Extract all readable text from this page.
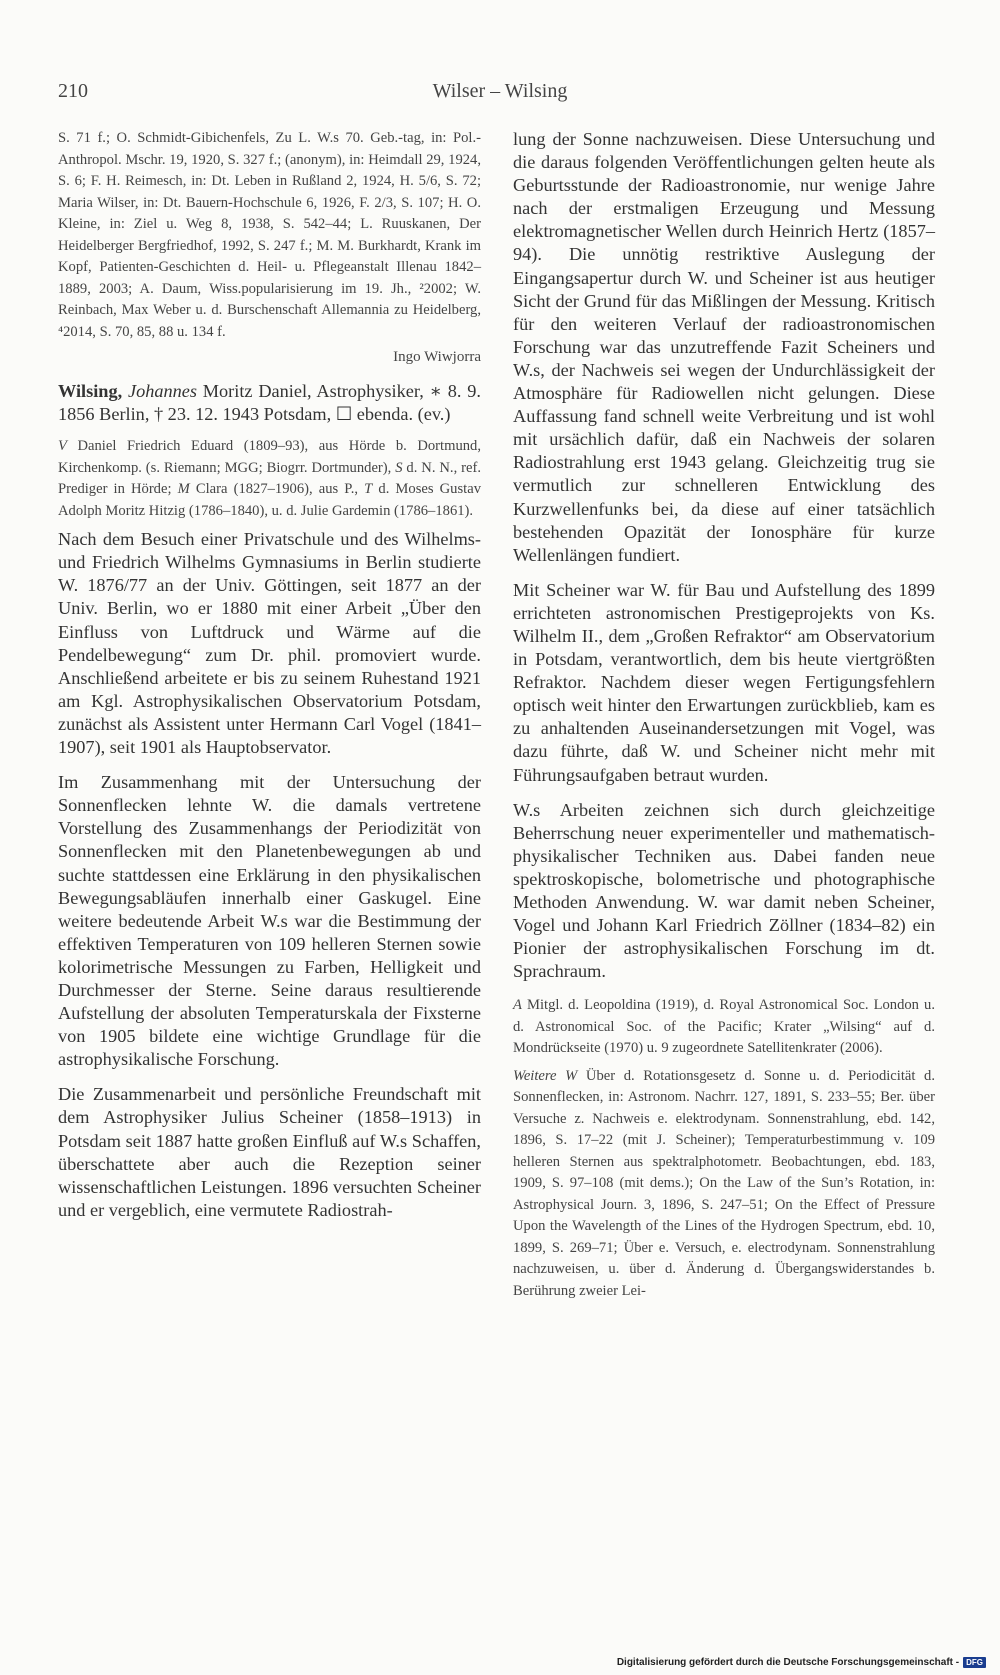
210	Wilser – Wilsing

S. 71 f.; O. Schmidt-Gibichenfels, Zu L. W.s 70. Geb.-tag, in: Pol.-Anthropol. Mschr. 19, 1920, S. 327 f.; (anonym), in: Heimdall 29, 1924, S. 6; F. H. Reimesch, in: Dt. Leben in Rußland 2, 1924, H. 5/6, S. 72; Maria Wilser, in: Dt. Bauern-Hochschule 6, 1926, F. 2/3, S. 107; H. O. Kleine, in: Ziel u. Weg 8, 1938, S. 542–44; L. Ruuskanen, Der Heidelberger Bergfriedhof, 1992, S. 247 f.; M. M. Burkhardt, Krank im Kopf, Patienten-Geschichten d. Heil- u. Pflegeanstalt Illenau 1842–1889, 2003; A. Daum, Wiss.popularisierung im 19. Jh., ²2002; W. Reinbach, Max Weber u. d. Burschenschaft Allemannia zu Heidelberg, ⁴2014, S. 70, 85, 88 u. 134 f.

Ingo Wiwjorra

Wilsing, Johannes Moritz Daniel, Astrophysiker, ∗ 8. 9. 1856 Berlin, † 23. 12. 1943 Potsdam, ☐ ebenda. (ev.)

V Daniel Friedrich Eduard (1809–93), aus Hörde b. Dortmund, Kirchenkomp. (s. Riemann; MGG; Biogrr. Dortmunder), S d. N. N., ref. Prediger in Hörde; M Clara (1827–1906), aus P., T d. Moses Gustav Adolph Moritz Hitzig (1786–1840), u. d. Julie Gardemin (1786–1861).

Nach dem Besuch einer Privatschule und des Wilhelms- und Friedrich Wilhelms Gymnasiums in Berlin studierte W. 1876/77 an der Univ. Göttingen, seit 1877 an der Univ. Berlin, wo er 1880 mit einer Arbeit „Über den Einfluss von Luftdruck und Wärme auf die Pendelbewegung“ zum Dr. phil. promoviert wurde. Anschließend arbeitete er bis zu seinem Ruhestand 1921 am Kgl. Astrophysikalischen Observatorium Potsdam, zunächst als Assistent unter Hermann Carl Vogel (1841–1907), seit 1901 als Hauptobservator.

Im Zusammenhang mit der Untersuchung der Sonnenflecken lehnte W. die damals vertretene Vorstellung des Zusammenhangs der Periodizität von Sonnenflecken mit den Planetenbewegungen ab und suchte stattdessen eine Erklärung in den physikalischen Bewegungsabläufen innerhalb einer Gaskugel. Eine weitere bedeutende Arbeit W.s war die Bestimmung der effektiven Temperaturen von 109 helleren Sternen sowie kolorimetrische Messungen zu Farben, Helligkeit und Durchmesser der Sterne. Seine daraus resultierende Aufstellung der absoluten Temperaturskala der Fixsterne von 1905 bildete eine wichtige Grundlage für die astrophysikalische Forschung.

Die Zusammenarbeit und persönliche Freundschaft mit dem Astrophysiker Julius Scheiner (1858–1913) in Potsdam seit 1887 hatte großen Einfluß auf W.s Schaffen, überschattete aber auch die Rezeption seiner wissenschaftlichen Leistungen. 1896 versuchten Scheiner und er vergeblich, eine vermutete Radiostrah-

lung der Sonne nachzuweisen. Diese Untersuchung und die daraus folgenden Veröffentlichungen gelten heute als Geburtsstunde der Radioastronomie, nur wenige Jahre nach der erstmaligen Erzeugung und Messung elektromagnetischer Wellen durch Heinrich Hertz (1857–94). Die unnötig restriktive Auslegung der Eingangsapertur durch W. und Scheiner ist aus heutiger Sicht der Grund für das Mißlingen der Messung. Kritisch für den weiteren Verlauf der radioastronomischen Forschung war das unzutreffende Fazit Scheiners und W.s, der Nachweis sei wegen der Undurchlässigkeit der Atmosphäre für Radiowellen nicht gelungen. Diese Auffassung fand schnell weite Verbreitung und ist wohl mit ursächlich dafür, daß ein Nachweis der solaren Radiostrahlung erst 1943 gelang. Gleichzeitig trug sie vermutlich zur schnelleren Entwicklung des Kurzwellenfunks bei, da diese auf einer tatsächlich bestehenden Opazität der Ionosphäre für kurze Wellenlängen fundiert.

Mit Scheiner war W. für Bau und Aufstellung des 1899 errichteten astronomischen Prestigeprojekts von Ks. Wilhelm II., dem „Großen Refraktor“ am Observatorium in Potsdam, verantwortlich, dem bis heute viertgrößten Refraktor. Nachdem dieser wegen Fertigungsfehlern optisch weit hinter den Erwartungen zurückblieb, kam es zu anhaltenden Auseinandersetzungen mit Vogel, was dazu führte, daß W. und Scheiner nicht mehr mit Führungsaufgaben betraut wurden.

W.s Arbeiten zeichnen sich durch gleichzeitige Beherrschung neuer experimenteller und mathematisch-physikalischer Techniken aus. Dabei fanden neue spektroskopische, bolometrische und photographische Methoden Anwendung. W. war damit neben Scheiner, Vogel und Johann Karl Friedrich Zöllner (1834–82) ein Pionier der astrophysikalischen Forschung im dt. Sprachraum.

A Mitgl. d. Leopoldina (1919), d. Royal Astronomical Soc. London u. d. Astronomical Soc. of the Pacific; Krater „Wilsing“ auf d. Mondrückseite (1970) u. 9 zugeordnete Satellitenkrater (2006).

Weitere W Über d. Rotationsgesetz d. Sonne u. d. Periodicität d. Sonnenflecken, in: Astronom. Nachrr. 127, 1891, S. 233–55; Ber. über Versuche z. Nachweis e. elektrodynam. Sonnenstrahlung, ebd. 142, 1896, S. 17–22 (mit J. Scheiner); Temperaturbestimmung v. 109 helleren Sternen aus spektralphotometr. Beobachtungen, ebd. 183, 1909, S. 97–108 (mit dems.); On the Law of the Sun’s Rotation, in: Astrophysical Journ. 3, 1896, S. 247–51; On the Effect of Pressure Upon the Wavelength of the Lines of the Hydrogen Spectrum, ebd. 10, 1899, S. 269–71; Über e. Versuch, e. electrodynam. Sonnenstrahlung nachzuweisen, u. über d. Änderung d. Übergangswiderstandes b. Berührung zweier Lei-

Digitalisierung gefördert durch die Deutsche Forschungsgemeinschaft - DFG
